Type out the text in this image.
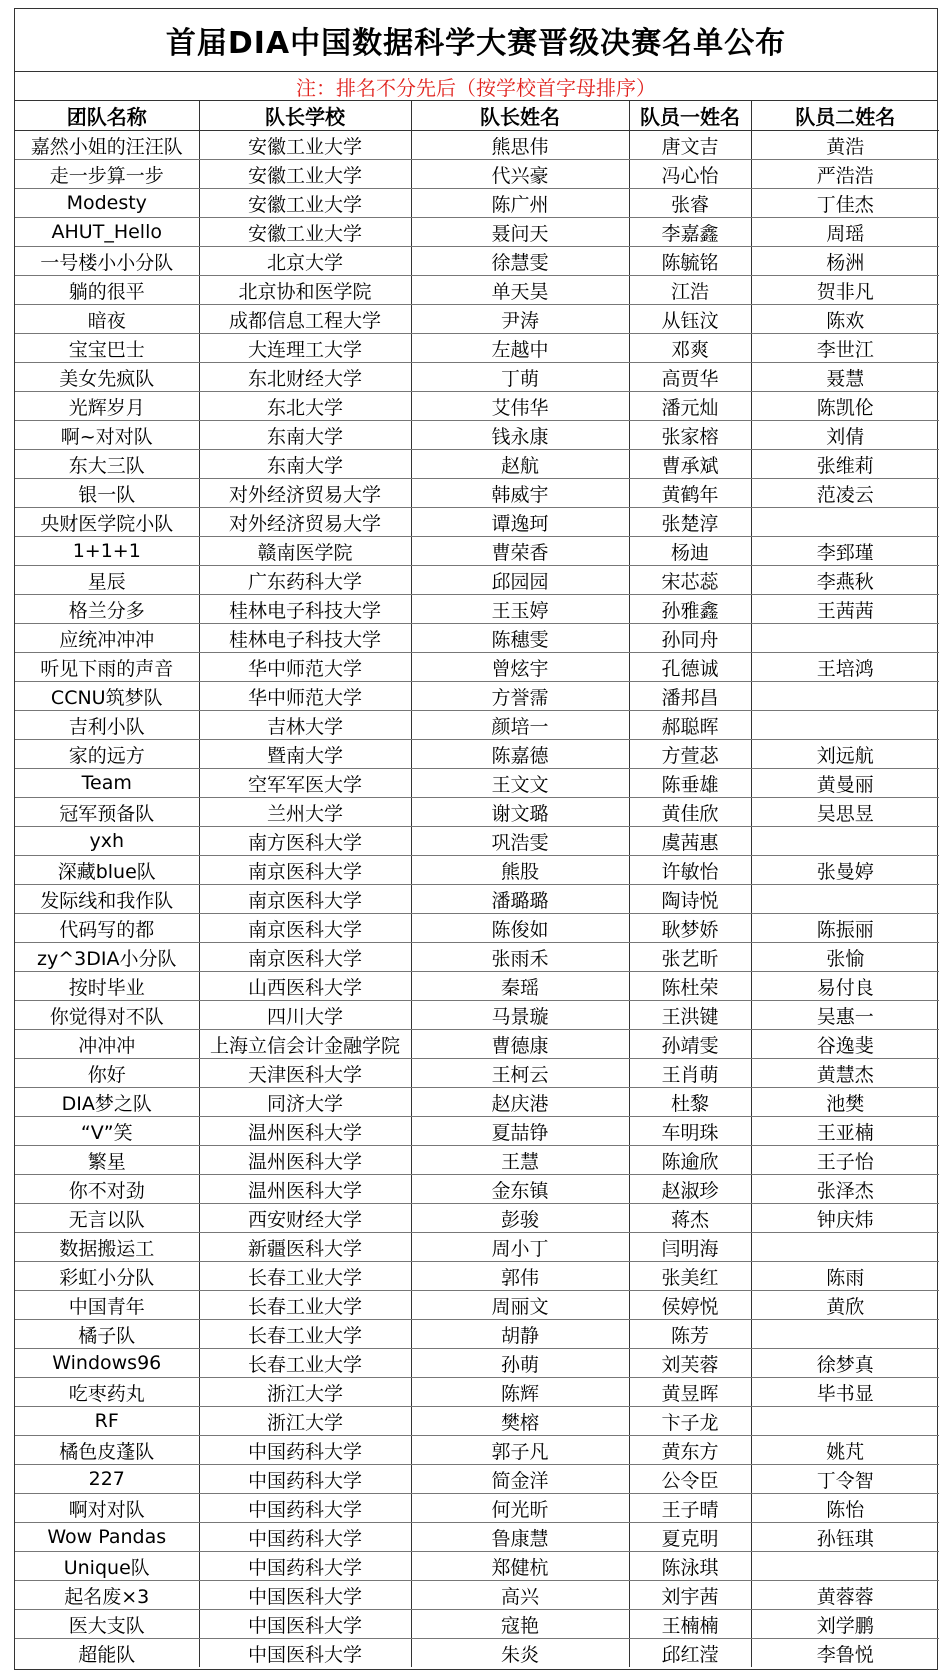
首届DIA中国数据科学大赛晋级决赛名单公布
注：排名不分先后（按学校首字母排序）
团队名称	队长学校	队长姓名	队员一姓名	队员二姓名
嘉然小姐的汪汪队	安徽工业大学	熊思伟	唐文吉	黄浩
走一步算一步	安徽工业大学	代兴豪	冯心怡	严浩浩
Modesty	安徽工业大学	陈广州	张睿	丁佳杰
AHUT_Hello	安徽工业大学	聂问天	李嘉鑫	周瑶
一号楼小小分队	北京大学	徐慧雯	陈毓铭	杨洲
躺的很平	北京协和医学院	单天昊	江浩	贺非凡
暗夜	成都信息工程大学	尹涛	从钰汶	陈欢
宝宝巴士	大连理工大学	左越中	邓爽	李世江
美女先疯队	东北财经大学	丁萌	高贾华	聂慧
光辉岁月	东北大学	艾伟华	潘元灿	陈凯伦
啊~对对队	东南大学	钱永康	张家榕	刘倩
东大三队	东南大学	赵航	曹承斌	张维莉
银一队	对外经济贸易大学	韩威宇	黄鹤年	范凌云
央财医学院小队	对外经济贸易大学	谭逸珂	张楚淳	
1+1+1	赣南医学院	曹荣香	杨迪	李郅瑾
星辰	广东药科大学	邱园园	宋芯蕊	李燕秋
格兰分多	桂林电子科技大学	王玉婷	孙雅鑫	王茜茜
应统冲冲冲	桂林电子科技大学	陈穗雯	孙同舟	
听见下雨的声音	华中师范大学	曾炫宇	孔德诚	王培鸿
CCNU筑梦队	华中师范大学	方誉霈	潘邦昌	
吉利小队	吉林大学	颜培一	郝聪晖	
家的远方	暨南大学	陈嘉德	方萱苾	刘远航
Team	空军军医大学	王文文	陈垂雄	黄曼丽
冠军预备队	兰州大学	谢文璐	黄佳欣	吴思昱
yxh	南方医科大学	巩浩雯	虞茜惠	
深藏blue队	南京医科大学	熊股	许敏怡	张曼婷
发际线和我作队	南京医科大学	潘璐璐	陶诗悦	
代码写的都	南京医科大学	陈俊如	耿梦娇	陈振丽
zy^3DIA小分队	南京医科大学	张雨禾	张艺昕	张愉
按时毕业	山西医科大学	秦瑶	陈杜荣	易付良
你觉得对不队	四川大学	马景璇	王洪键	吴惠一
冲冲冲	上海立信会计金融学院	曹德康	孙靖雯	谷逸斐
你好	天津医科大学	王柯云	王肖萌	黄慧杰
DIA梦之队	同济大学	赵庆港	杜黎	池樊
“V”笑	温州医科大学	夏喆铮	车明珠	王亚楠
繁星	温州医科大学	王慧	陈逾欣	王子怡
你不对劲	温州医科大学	金东镇	赵淑珍	张泽杰
无言以队	西安财经大学	彭骏	蒋杰	钟庆炜
数据搬运工	新疆医科大学	周小丁	闫明海	
彩虹小分队	长春工业大学	郭伟	张美红	陈雨
中国青年	长春工业大学	周丽文	侯婷悦	黄欣
橘子队	长春工业大学	胡静	陈芳	
Windows96	长春工业大学	孙萌	刘芙蓉	徐梦真
吃枣药丸	浙江大学	陈辉	黄昱晖	毕书显
RF	浙江大学	樊榕	卞子龙	
橘色皮蓬队	中国药科大学	郭子凡	黄东方	姚芃
227	中国药科大学	简金洋	公令臣	丁令智
啊对对队	中国药科大学	何光昕	王子晴	陈怡
Wow Pandas	中国药科大学	鲁康慧	夏克明	孙钰琪
Unique队	中国药科大学	郑健杭	陈泳琪	
起名废×3	中国医科大学	高兴	刘宇茜	黄蓉蓉
医大支队	中国医科大学	寇艳	王楠楠	刘学鹏
超能队	中国医科大学	朱炎	邱红滢	李鲁悦
